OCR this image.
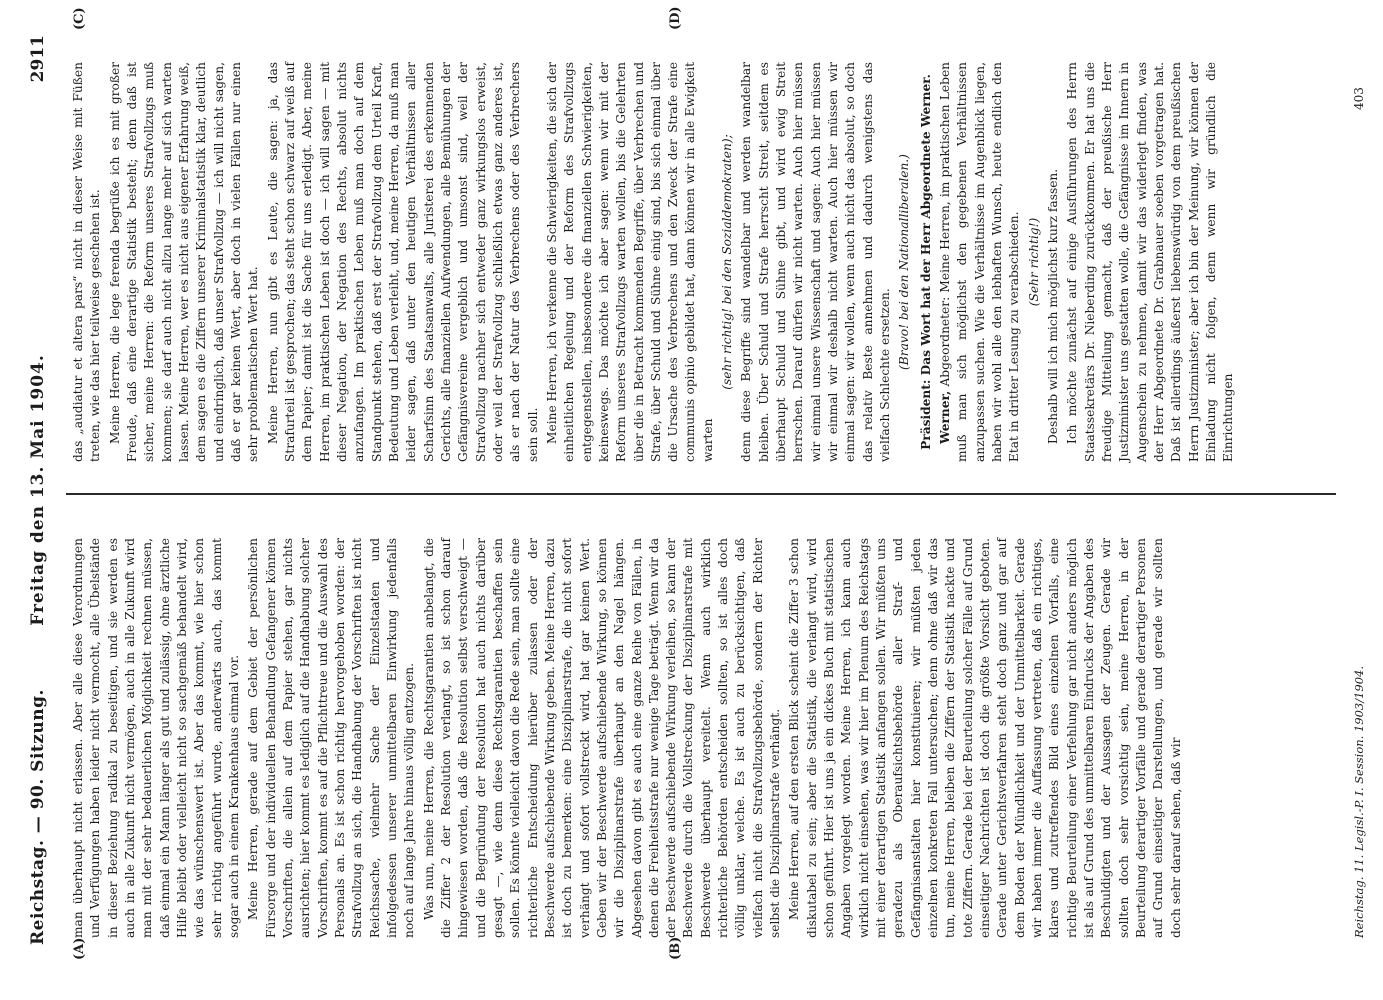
Freitag den 13. Mai 1904.
Reichstag. — 90. Sitzung.
2911
(A)	(B)
(C)	(D)

man überhaupt nicht erlassen. Aber alle diese Verordnungen und Verfügungen haben leider nicht vermocht, alle Übelstände in dieser Beziehung radikal zu beseitigen, und sie werden es auch in alle Zukunft nicht vermögen, auch in alle Zukunft wird man mit der sehr bedauerlichen Möglichkeit rechnen müssen, daß einmal ein Mann länger als gut und zulässig, ohne ärztliche Hilfe bleibt oder vielleicht nicht so sachgemäß behandelt wird, wie das wünschenswert ist. Aber das kommt, wie hier schon sehr richtig angeführt wurde, anderwärts auch, das kommt sogar auch in einem Krankenhaus einmal vor. Meine Herren, gerade auf dem Gebiet der persönlichen Fürsorge und der individuellen Behandlung Gefangener können Vorschriften, die allein auf dem Papier stehen, gar nichts ausrichten; hier kommt es lediglich auf die Handhabung solcher Vorschriften, kommt es auf die Pflichttreue und die Auswahl des Personals an. Es ist schon richtig hervorgehoben worden: der Strafvollzug an sich, die Handhabung der Vorschriften ist nicht Reichssache, vielmehr Sache der Einzelstaaten und infolgedessen unserer unmittelbaren Einwirkung jedenfalls noch auf lange Jahre hinaus völlig entzogen. Was nun, meine Herren, die Rechtsgarantien anbelangt, die die Ziffer 2 der Resolution verlangt, so ist schon darauf hingewiesen worden, daß die Resolution selbst verschweigt — und die Begründung der Resolution hat auch nichts darüber gesagt —, wie denn diese Rechtsgarantien beschaffen sein sollen. Es könnte vielleicht davon die Rede sein, man sollte eine richterliche Entscheidung hierüber zulassen oder der Beschwerde aufschiebende Wirkung geben. Meine Herren, dazu ist doch zu bemerken: eine Disziplinarstrafe, die nicht sofort verhängt und sofort vollstreckt wird, hat gar keinen Wert. Geben wir der Beschwerde aufschiebende Wirkung, so können wir die Disziplinarstrafe überhaupt an den Nagel hängen. Abgesehen davon gibt es auch eine ganze Reihe von Fällen, in denen die Freiheitsstrafe nur wenige Tage beträgt. Wenn wir da der Beschwerde aufschiebende Wirkung verleihen, so kann der Beschwerde durch die Vollstreckung der Disziplinarstrafe mit Beschwerde überhaupt vereitelt. Wenn auch wirklich richterliche Behörden entscheiden sollten, so ist alles doch völlig unklar, welche. Es ist auch zu berücksichtigen, daß vielfach nicht die Strafvollzugsbehörde, sondern der Richter selbst die Disziplinarstrafe verhängt. Meine Herren, auf den ersten Blick scheint die Ziffer 3 schon diskutabel zu sein; aber die Statistik, die verlangt wird, wird schon geführt. Hier ist uns ja ein dickes Buch mit statistischen Angaben vorgelegt worden. Meine Herren, ich kann auch wirklich nicht einsehen, was wir hier im Plenum des Reichstags mit einer derartigen Statistik anfangen sollen. Wir müßten uns geradezu als Oberaufsichtsbehörde aller Straf- und Gefängnisanstalten hier konstituieren; wir müßten jeden einzelnen konkreten Fall untersuchen; denn ohne daß wir das tun, meine Herren, bleiben die Ziffern der Statistik nackte und tote Ziffern. Gerade bei der Beurteilung solcher Fälle auf Grund einseitiger Nachrichten ist doch die größte Vorsicht geboten. Gerade unter Gerichtsverfahren steht doch ganz und gar auf dem Boden der Mündlichkeit und der Unmittelbarkeit. Gerade wir haben immer die Auffassung vertreten, daß ein richtiges, klares und zutreffendes Bild eines einzelnen Vorfalls, eine richtige Beurteilung einer Verfehlung gar nicht anders möglich ist als auf Grund des unmittelbaren Eindrucks der Angaben des Beschuldigten und der Aussagen der Zeugen. Gerade wir sollten doch sehr vorsichtig sein, meine Herren, in der Beurteilung derartiger Vorfälle und gerade derartiger Personen auf Grund einseitiger Darstellungen, und gerade wir sollten doch sehr darauf sehen, daß wir

das „audiatur et altera pars“ nicht in dieser Weise mit Füßen treten, wie das hier teilweise geschehen ist. Meine Herren, die lege ferenda begrüße ich es mit großer Freude, daß eine derartige Statistik besteht; denn daß ist sicher, meine Herren: die Reform unseres Strafvollzugs muß kommen; sie darf auch nicht allzu lange mehr auf sich warten lassen. Meine Herren, wer es nicht aus eigener Erfahrung weiß, dem sagen es die Ziffern unserer Kriminalstatistik klar, deutlich und eindringlich, daß unser Strafvollzug — ich will nicht sagen, daß er gar keinen Wert, aber doch in vielen Fällen nur einen sehr problematischen Wert hat. Meine Herren, nun gibt es Leute, die sagen: ja, das Strafurteil ist gesprochen; das steht schon schwarz auf weiß auf dem Papier; damit ist die Sache für uns erledigt. Aber, meine Herren, im praktischen Leben ist doch — ich will sagen — mit dieser Negation, der Negation des Rechts, absolut nichts anzufangen. Im praktischen Leben muß man doch auf dem Standpunkt stehen, daß erst der Strafvollzug dem Urteil Kraft, Bedeutung und Leben verleiht, und, meine Herren, da muß man leider sagen, daß unter den heutigen Verhältnissen aller Scharfsinn des Staatsanwalts, alle Juristerei des erkennenden Gerichts, alle finanziellen Aufwendungen, alle Bemühungen der Gefängnisvereine vergeblich und umsonst sind, weil der Strafvollzug nachher sich entweder ganz wirkungslos erweist, oder weil der Strafvollzug schließlich etwas ganz anderes ist, als er nach der Natur des Verbrechens oder des Verbrechers sein soll. Meine Herren, ich verkenne die Schwierigkeiten, die sich der einheitlichen Regelung und der Reform des Strafvollzugs entgegenstellen, insbesondere die finanziellen Schwierigkeiten, keineswegs. Das möchte ich aber sagen: wenn wir mit der Reform unseres Strafvollzugs warten wollen, bis die Gelehrten über die in Betracht kommenden Begriffe, über Verbrechen und Strafe, über Schuld und Sühne einig sind, bis sich einmal über die Ursache des Verbrechens und den Zweck der Strafe eine communis opinio gebildet hat, dann können wir in alle Ewigkeit warten

(sehr richtig! bei den Sozialdemokraten); denn diese Begriffe sind wandelbar und werden wandelbar bleiben. Über Schuld und Strafe herrscht Streit, seitdem es überhaupt Schuld und Sühne gibt, und wird ewig Streit herrschen. Darauf dürfen wir nicht warten. Auch hier müssen wir einmal unsere Wissenschaft und sagen: Auch hier müssen wir einmal wir deshalb nicht warten. Auch hier müssen wir einmal sagen: wir wollen, wenn auch nicht das absolut, so doch das relativ Beste annehmen und dadurch wenigstens das vielfach Schlechte ersetzen.

(Bravo! bei den Nationalliberalen.) Präsident: Das Wort hat der Herr Abgeordnete Werner. Werner, Abgeordneter: Meine Herren, im praktischen Leben muß man sich möglichst den gegebenen Verhältnissen anzupassen suchen. Wie die Verhältnisse im Augenblick liegen, haben wir wohl alle den lebhaften Wunsch, heute endlich den Etat in dritter Lesung zu verabschieden. (Sehr richtig!) Deshalb will ich mich möglichst kurz fassen. Ich möchte zunächst auf einige Ausführungen des Herrn Staatssekretärs Dr. Nieberding zurückkommen. Er hat uns die freudige Mitteilung gemacht, daß der preußische Herr Justizminister uns gestatten wolle, die Gefängnisse im Innern in Augenschein zu nehmen, damit wir das widerlegt finden, was der Herr Abgeordnete Dr. Grabnauer soeben vorgetragen hat. Daß ist allerdings äußerst liebenswürdig von dem preußischen Herrn Justizminister; aber ich bin der Meinung, wir können der Einladung nicht folgen, denn wenn wir gründlich die Einrichtungen

Reichstag. 11. Legisl.-P. I. Session. 1903/1904.
403
